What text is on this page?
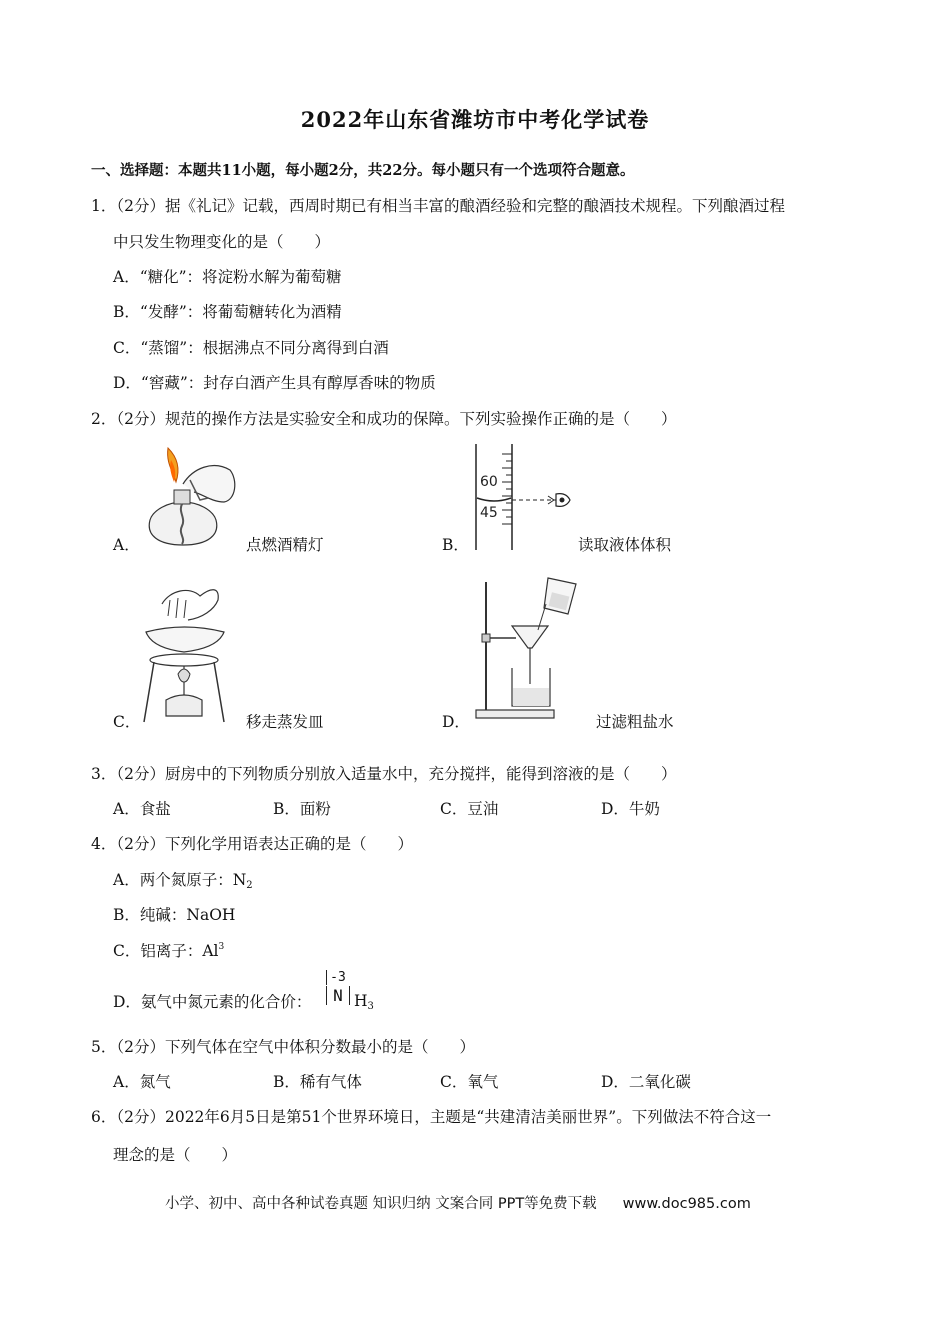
2022年山东省潍坊市中考化学试卷
一、选择题：本题共11小题，每小题2分，共22分。每小题只有一个选项符合题意。
1．（2分）据《礼记》记载，西周时期已有相当丰富的酿酒经验和完整的酿酒技术规程。下列酿酒过程
中只发生物理变化的是（　　）
A．“糖化”：将淀粉水解为葡萄糖
B．“发酵”：将葡萄糖转化为酒精
C．“蒸馏”：根据沸点不同分离得到白酒
D．“窖藏”：封存白酒产生具有醇厚香味的物质
2．（2分）规范的操作方法是实验安全和成功的保障。下列实验操作正确的是（　　）
A．	点燃酒精灯
60
45
B．	读取液体体积
C．	移走蒸发皿	D．	过滤粗盐水
3．（2分）厨房中的下列物质分别放入适量水中，充分搅拌，能得到溶液的是（　　）
A．食盐	B．面粉	C．豆油	D．牛奶
4．（2分）下列化学用语表达正确的是（　　）
A．两个氮原子：$N_2$
B．纯碱：NaOH
C．铝离子：Al$^3$
D．氨气中氮元素的化合价：
-3
N $H_3$
5．（2分）下列气体在空气中体积分数最小的是（　　）
A．氮气	B．稀有气体	C．氧气	D．二氧化碳
6．（2分）2022年6月5日是第51个世界环境日，主题是“共建清洁美丽世界”。下列做法不符合这一
理念的是（　　）
小学、初中、高中各种试卷真题 知识归纳 文案合同 PPT等免费下载 www.doc985.com
